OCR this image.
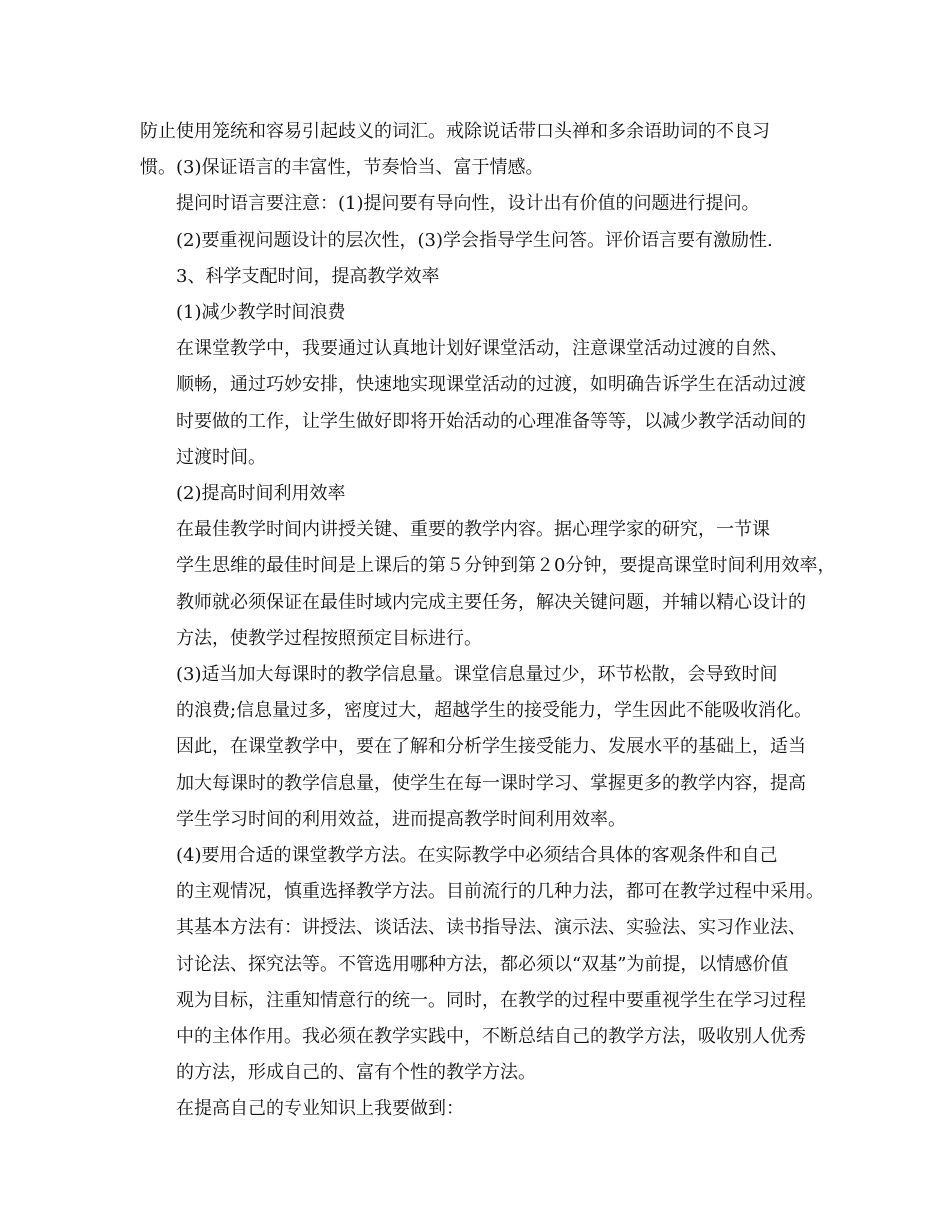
防止使用笼统和容易引起歧义的词汇。戒除说话带口头禅和多余语助词的不良习
惯。(3)保证语言的丰富性，节奏恰当、富于情感。
提问时语言要注意：(1)提问要有导向性，设计出有价值的问题进行提问。
(2)要重视问题设计的层次性，(3)学会指导学生问答。评价语言要有激励性.
3、科学支配时间，提高教学效率
(1)减少教学时间浪费
在课堂教学中，我要通过认真地计划好课堂活动，注意课堂活动过渡的自然、
顺畅，通过巧妙安排，快速地实现课堂活动的过渡，如明确告诉学生在活动过渡
时要做的工作，让学生做好即将开始活动的心理准备等等，以减少教学活动间的
过渡时间。
(2)提高时间利用效率
在最佳教学时间内讲授关键、重要的教学内容。据心理学家的研究，一节课
学生思维的最佳时间是上课后的第５分钟到第２0分钟，要提高课堂时间利用效率，
教师就必须保证在最佳时域内完成主要任务，解决关键问题，并辅以精心设计的
方法，使教学过程按照预定目标进行。
(3)适当加大每课时的教学信息量。课堂信息量过少，环节松散，会导致时间
的浪费;信息量过多，密度过大，超越学生的接受能力，学生因此不能吸收消化。
因此，在课堂教学中，要在了解和分析学生接受能力、发展水平的基础上，适当
加大每课时的教学信息量，使学生在每一课时学习、掌握更多的教学内容，提高
学生学习时间的利用效益，进而提高教学时间利用效率。
(4)要用合适的课堂教学方法。在实际教学中必须结合具体的客观条件和自己
的主观情况，慎重选择教学方法。目前流行的几种力法，都可在教学过程中采用。
其基本方法有：讲授法、谈话法、读书指导法、演示法、实验法、实习作业法、
讨论法、探究法等。不管选用哪种方法，都必须以“双基”为前提，以情感价值
观为目标，注重知情意行的统一。同时，在教学的过程中要重视学生在学习过程
中的主体作用。我必须在教学实践中，不断总结自己的教学方法，吸收别人优秀
的方法，形成自己的、富有个性的教学方法。
在提高自己的专业知识上我要做到：
